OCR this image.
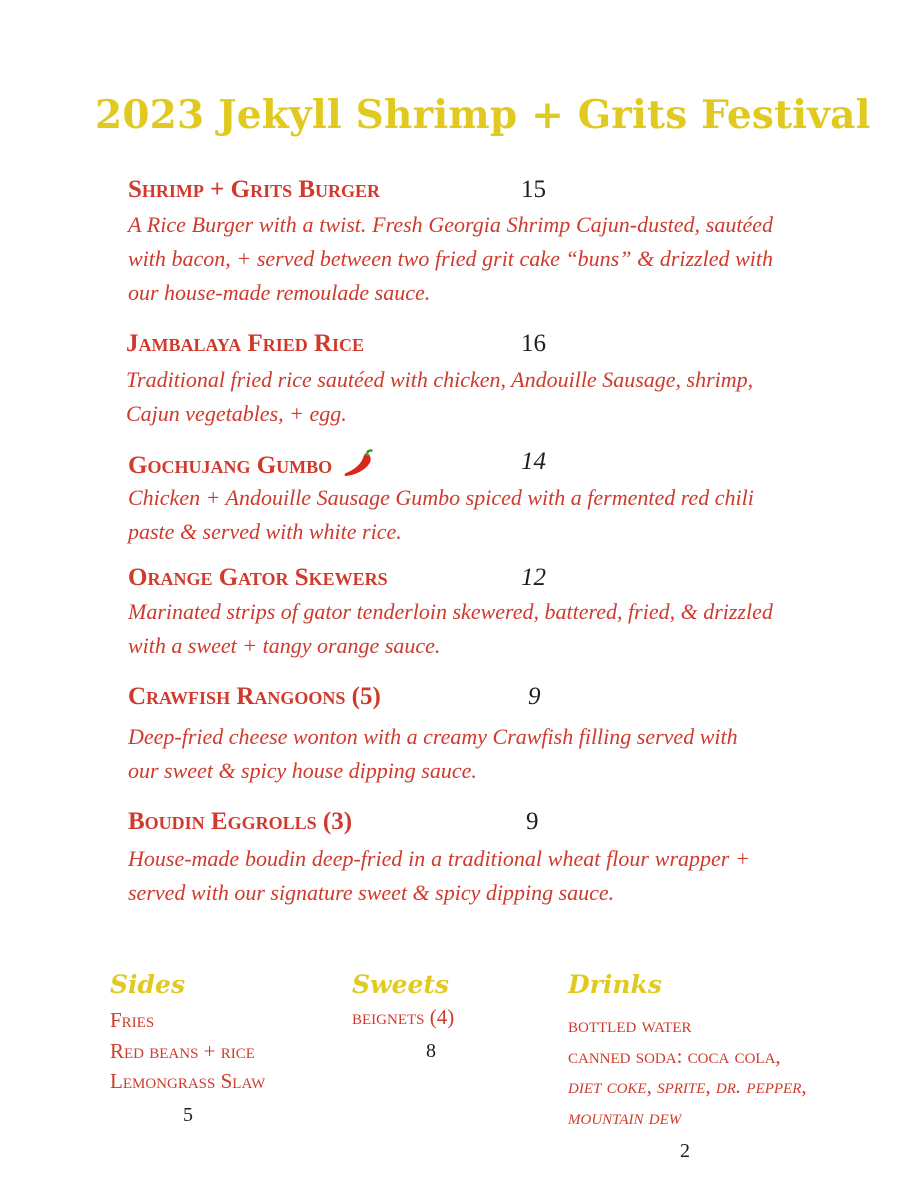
2023 Jekyll Shrimp + Grits Festival
Shrimp + Grits Burger	15

A Rice Burger with a twist. Fresh Georgia Shrimp Cajun-dusted, sautéed with bacon, + served between two fried grit cake “buns” & drizzled with our house-made remoulade sauce.

Jambalaya Fried Rice	16

Traditional fried rice sautéed with chicken, Andouille Sausage, shrimp, Cajun vegetables, + egg.

Gochujang Gumbo	14

Chicken + Andouille Sausage Gumbo spiced with a fermented red chili paste & served with white rice.

Orange Gator Skewers	12

Marinated strips of gator tenderloin skewered, battered, fried, & drizzled with a sweet + tangy orange sauce.

Crawfish Rangoons (5)	9

Deep-fried cheese wonton with a creamy Crawfish filling served with our sweet & spicy house dipping sauce.

Boudin Eggrolls (3)	9

House-made boudin deep-fried in a traditional wheat flour wrapper + served with our signature sweet & spicy dipping sauce.

Sides
Fries
Red beans + rice
Lemongrass Slaw
5
Sweets
beignets (4)
8
Drinks
bottled water
canned soda: coca cola,
diet coke, sprite, dr. pepper,
mountain dew
2
